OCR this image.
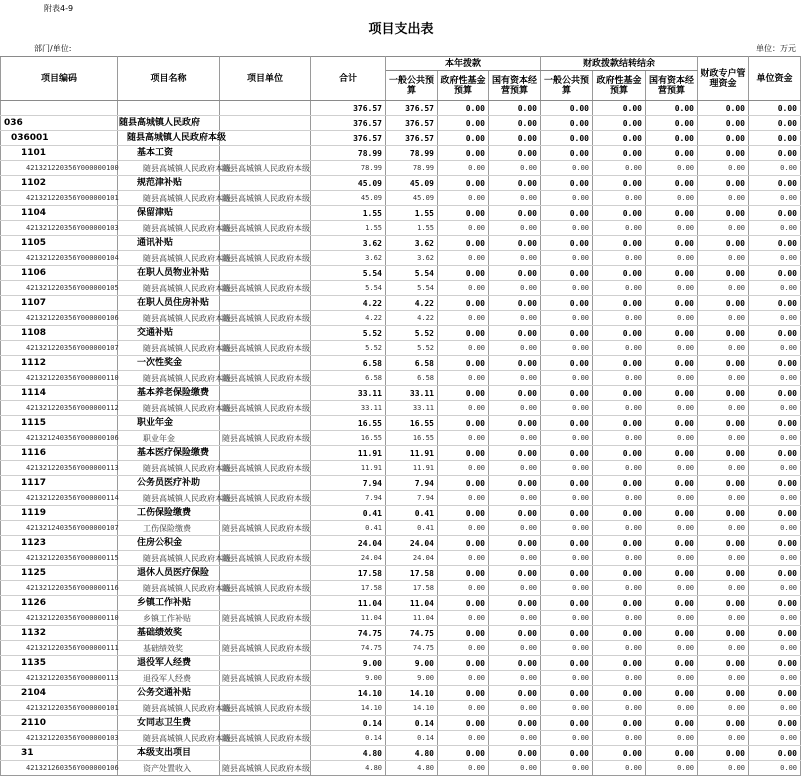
附表4-9
项目支出表
部门/单位:	单位：万元
项目编码	项目名称	项目单位	合计	本年拨款			财政拨款结转结余			财政专户管理资金	单位资金
				一般公共预算	政府性基金预算	国有资本经营预算	一般公共预算	政府性基金预算	国有资本经营预算		
			376.57	376.57	0.00	0.00	0.00	0.00	0.00	0.00	0.00
036	随县高城镇人民政府		376.57	376.57	0.00	0.00	0.00	0.00	0.00	0.00	0.00
036001	随县高城镇人民政府本级		376.57	376.57	0.00	0.00	0.00	0.00	0.00	0.00	0.00
1101	基本工资		78.99	78.99	0.00	0.00	0.00	0.00	0.00	0.00	0.00
421321220356Y000000100	随县高城镇人民政府本级	随县高城镇人民政府本级	78.99	78.99	0.00	0.00	0.00	0.00	0.00	0.00	0.00
1102	规范津补贴		45.09	45.09	0.00	0.00	0.00	0.00	0.00	0.00	0.00
421321220356Y000000101	随县高城镇人民政府本级	随县高城镇人民政府本级	45.09	45.09	0.00	0.00	0.00	0.00	0.00	0.00	0.00
1104	保留津贴		1.55	1.55	0.00	0.00	0.00	0.00	0.00	0.00	0.00
421321220356Y000000103	随县高城镇人民政府本级	随县高城镇人民政府本级	1.55	1.55	0.00	0.00	0.00	0.00	0.00	0.00	0.00
1105	通讯补贴		3.62	3.62	0.00	0.00	0.00	0.00	0.00	0.00	0.00
421321220356Y000000104	随县高城镇人民政府本级	随县高城镇人民政府本级	3.62	3.62	0.00	0.00	0.00	0.00	0.00	0.00	0.00
1106	在职人员物业补贴		5.54	5.54	0.00	0.00	0.00	0.00	0.00	0.00	0.00
421321220356Y000000105	随县高城镇人民政府本级	随县高城镇人民政府本级	5.54	5.54	0.00	0.00	0.00	0.00	0.00	0.00	0.00
1107	在职人员住房补贴		4.22	4.22	0.00	0.00	0.00	0.00	0.00	0.00	0.00
421321220356Y000000106	随县高城镇人民政府本级	随县高城镇人民政府本级	4.22	4.22	0.00	0.00	0.00	0.00	0.00	0.00	0.00
1108	交通补贴		5.52	5.52	0.00	0.00	0.00	0.00	0.00	0.00	0.00
421321220356Y000000107	随县高城镇人民政府本级	随县高城镇人民政府本级	5.52	5.52	0.00	0.00	0.00	0.00	0.00	0.00	0.00
1112	一次性奖金		6.58	6.58	0.00	0.00	0.00	0.00	0.00	0.00	0.00
421321220356Y000000110	随县高城镇人民政府本级	随县高城镇人民政府本级	6.58	6.58	0.00	0.00	0.00	0.00	0.00	0.00	0.00
1114	基本养老保险缴费		33.11	33.11	0.00	0.00	0.00	0.00	0.00	0.00	0.00
421321220356Y000000112	随县高城镇人民政府本级	随县高城镇人民政府本级	33.11	33.11	0.00	0.00	0.00	0.00	0.00	0.00	0.00
1115	职业年金		16.55	16.55	0.00	0.00	0.00	0.00	0.00	0.00	0.00
421321240356Y000000106	职业年金	随县高城镇人民政府本级	16.55	16.55	0.00	0.00	0.00	0.00	0.00	0.00	0.00
1116	基本医疗保险缴费		11.91	11.91	0.00	0.00	0.00	0.00	0.00	0.00	0.00
421321220356Y000000113	随县高城镇人民政府本级	随县高城镇人民政府本级	11.91	11.91	0.00	0.00	0.00	0.00	0.00	0.00	0.00
1117	公务员医疗补助		7.94	7.94	0.00	0.00	0.00	0.00	0.00	0.00	0.00
421321220356Y000000114	随县高城镇人民政府本级	随县高城镇人民政府本级	7.94	7.94	0.00	0.00	0.00	0.00	0.00	0.00	0.00
1119	工伤保险缴费		0.41	0.41	0.00	0.00	0.00	0.00	0.00	0.00	0.00
421321240356Y000000107	工伤保险缴费	随县高城镇人民政府本级	0.41	0.41	0.00	0.00	0.00	0.00	0.00	0.00	0.00
1123	住房公积金		24.04	24.04	0.00	0.00	0.00	0.00	0.00	0.00	0.00
421321220356Y000000115	随县高城镇人民政府本级	随县高城镇人民政府本级	24.04	24.04	0.00	0.00	0.00	0.00	0.00	0.00	0.00
1125	退休人员医疗保险		17.58	17.58	0.00	0.00	0.00	0.00	0.00	0.00	0.00
421321220356Y000000116	随县高城镇人民政府本级	随县高城镇人民政府本级	17.58	17.58	0.00	0.00	0.00	0.00	0.00	0.00	0.00
1126	乡镇工作补贴		11.04	11.04	0.00	0.00	0.00	0.00	0.00	0.00	0.00
421321220356Y000000110	乡镇工作补贴	随县高城镇人民政府本级	11.04	11.04	0.00	0.00	0.00	0.00	0.00	0.00	0.00
1132	基础绩效奖		74.75	74.75	0.00	0.00	0.00	0.00	0.00	0.00	0.00
421321220356Y000000111	基础绩效奖	随县高城镇人民政府本级	74.75	74.75	0.00	0.00	0.00	0.00	0.00	0.00	0.00
1135	退役军人经费		9.00	9.00	0.00	0.00	0.00	0.00	0.00	0.00	0.00
421321220356Y000000113	退役军人经费	随县高城镇人民政府本级	9.00	9.00	0.00	0.00	0.00	0.00	0.00	0.00	0.00
2104	公务交通补贴		14.10	14.10	0.00	0.00	0.00	0.00	0.00	0.00	0.00
421321220356Y000000101	随县高城镇人民政府本级	随县高城镇人民政府本级	14.10	14.10	0.00	0.00	0.00	0.00	0.00	0.00	0.00
2110	女同志卫生费		0.14	0.14	0.00	0.00	0.00	0.00	0.00	0.00	0.00
421321220356Y000000103	随县高城镇人民政府本级	随县高城镇人民政府本级	0.14	0.14	0.00	0.00	0.00	0.00	0.00	0.00	0.00
31	本级支出项目		4.80	4.80	0.00	0.00	0.00	0.00	0.00	0.00	0.00
421321260356Y000000106	资产处置收入	随县高城镇人民政府本级	4.80	4.80	0.00	0.00	0.00	0.00	0.00	0.00	0.00
